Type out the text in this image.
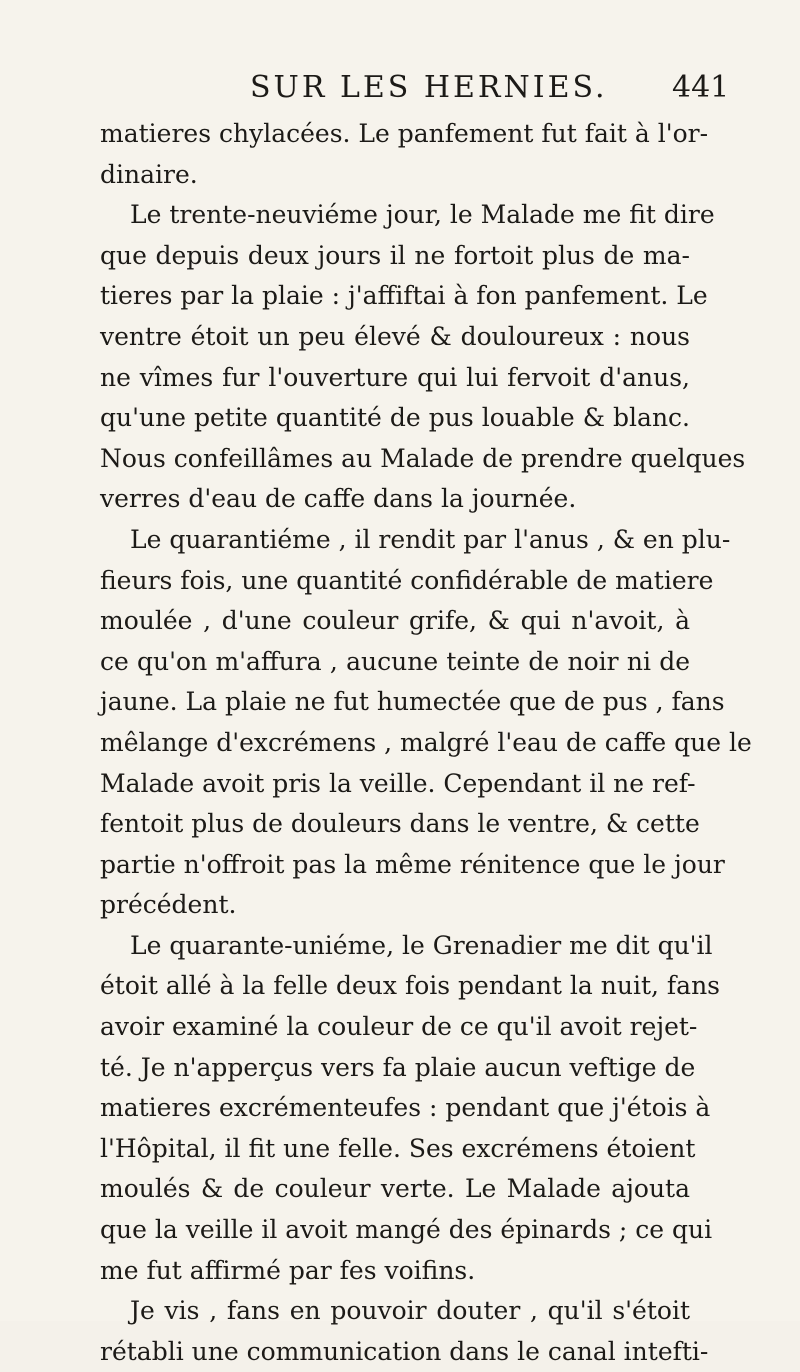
SUR LES HERNIES. 441
matieres chylacées. Le panfement fut fait à l'or-
dinaire.
Le trente-neuviéme jour, le Malade me fit dire
que depuis deux jours il ne fortoit plus de ma-
tieres par la plaie : j'affiftai à fon panfement. Le
ventre étoit un peu élevé & douloureux : nous
ne vîmes fur l'ouverture qui lui fervoit d'anus,
qu'une petite quantité de pus louable & blanc.
Nous confeillâmes au Malade de prendre quelques
verres d'eau de caffe dans la journée.
Le quarantiéme , il rendit par l'anus , & en plu-
fieurs fois, une quantité confidérable de matiere
moulée , d'une couleur grife, & qui n'avoit, à
ce qu'on m'affura , aucune teinte de noir ni de
jaune. La plaie ne fut humectée que de pus , fans
mêlange d'excrémens , malgré l'eau de caffe que le
Malade avoit pris la veille. Cependant il ne ref-
fentoit plus de douleurs dans le ventre, & cette
partie n'offroit pas la même rénitence que le jour
précédent.
Le quarante-uniéme, le Grenadier me dit qu'il
étoit allé à la felle deux fois pendant la nuit, fans
avoir examiné la couleur de ce qu'il avoit rejet-
té. Je n'apperçus vers fa plaie aucun veftige de
matieres excrémenteufes : pendant que j'étois à
l'Hôpital, il fit une felle. Ses excrémens étoient
moulés & de couleur verte. Le Malade ajouta
que la veille il avoit mangé des épinards ; ce qui
me fut affirmé par fes voifins.
Je vis , fans en pouvoir douter , qu'il s'étoit
rétabli une communication dans le canal intefti-
